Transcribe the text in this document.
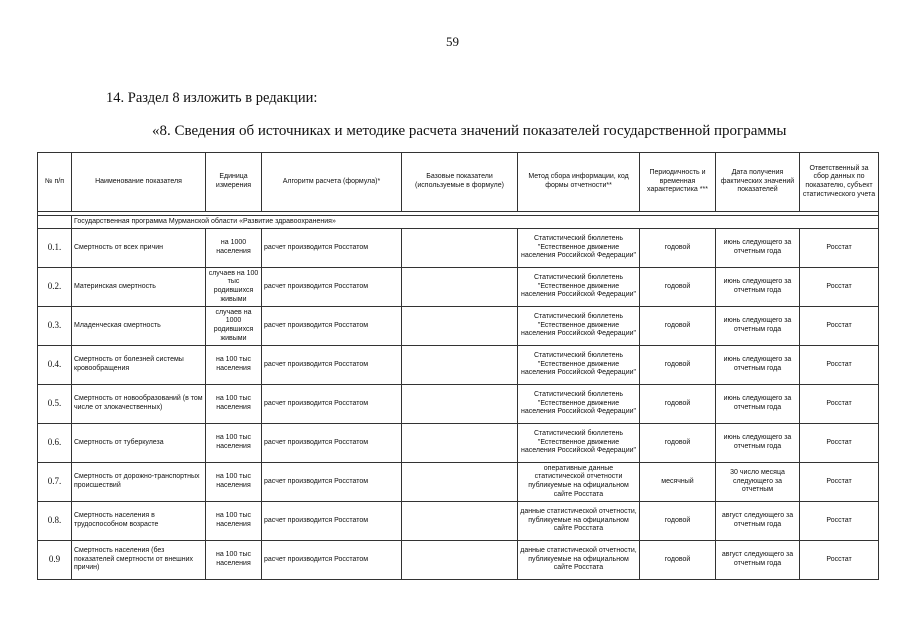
59
14. Раздел 8 изложить в редакции:
«8. Сведения об источниках и методике расчета значений показателей государственной программы
№ п/п	Наименование показателя	Единица измерения	Алгоритм расчета (формула)*	Базовые показатели (используемые в формуле)	Метод сбора информации, код формы отчетности**	Периодичность и временная характеристика ***	Дата получения фактических значений показателей	Ответственный за сбор данных по показателю, субъект статистического учета

	Государственная программа Мурманской области «Развитие здравоохранения»							
0.1.	Смертность от всех причин	на 1000 населения	расчет производится Росстатом		Статистический бюллетень "Естественное движение населения Российской Федерации"	годовой	июнь следующего за отчетным года	Росстат
0.2.	Материнская смертность	случаев на 100 тыс родившихся живыми	расчет производится Росстатом		Статистический бюллетень "Естественное движение населения Российской Федерации"	годовой	июнь следующего за отчетным года	Росстат
0.3.	Младенческая смертность	случаев на 1000 родившихся живыми	расчет производится Росстатом		Статистический бюллетень "Естественное движение населения Российской Федерации"	годовой	июнь следующего за отчетным года	Росстат
0.4.	Смертность от болезней системы кровообращения	на 100 тыс населения	расчет производится Росстатом		Статистический бюллетень "Естественное движение населения Российской Федерации"	годовой	июнь следующего за отчетным года	Росстат
0.5.	Смертность от новообразований (в том числе от злокачественных)	на 100 тыс населения	расчет производится Росстатом		Статистический бюллетень "Естественное движение населения Российской Федерации"	годовой	июнь следующего за отчетным года	Росстат
0.6.	Смертность от туберкулеза	на 100 тыс населения	расчет производится Росстатом		Статистический бюллетень "Естественное движение населения Российской Федерации"	годовой	июнь следующего за отчетным года	Росстат
0.7.	Смертность от дорожно-транспортных происшествий	на 100 тыс населения	расчет производится Росстатом		оперативные данные статистической отчетности публикуемые на официальном сайте Росстата	месячный	30 число месяца следующего за отчетным	Росстат
0.8.	Смертность населения в трудоспособном возрасте	на 100 тыс населения	расчет производится Росстатом		данные статистической отчетности, публикуемые на официальном сайте Росстата	годовой	август следующего за отчетным года	Росстат
0.9	Смертность населения (без показателей смертности от внешних причин)	на 100 тыс населения	расчет производится Росстатом		данные статистической отчетности, публикуемые на официальном сайте Росстата	годовой	август следующего за отчетным года	Росстат
